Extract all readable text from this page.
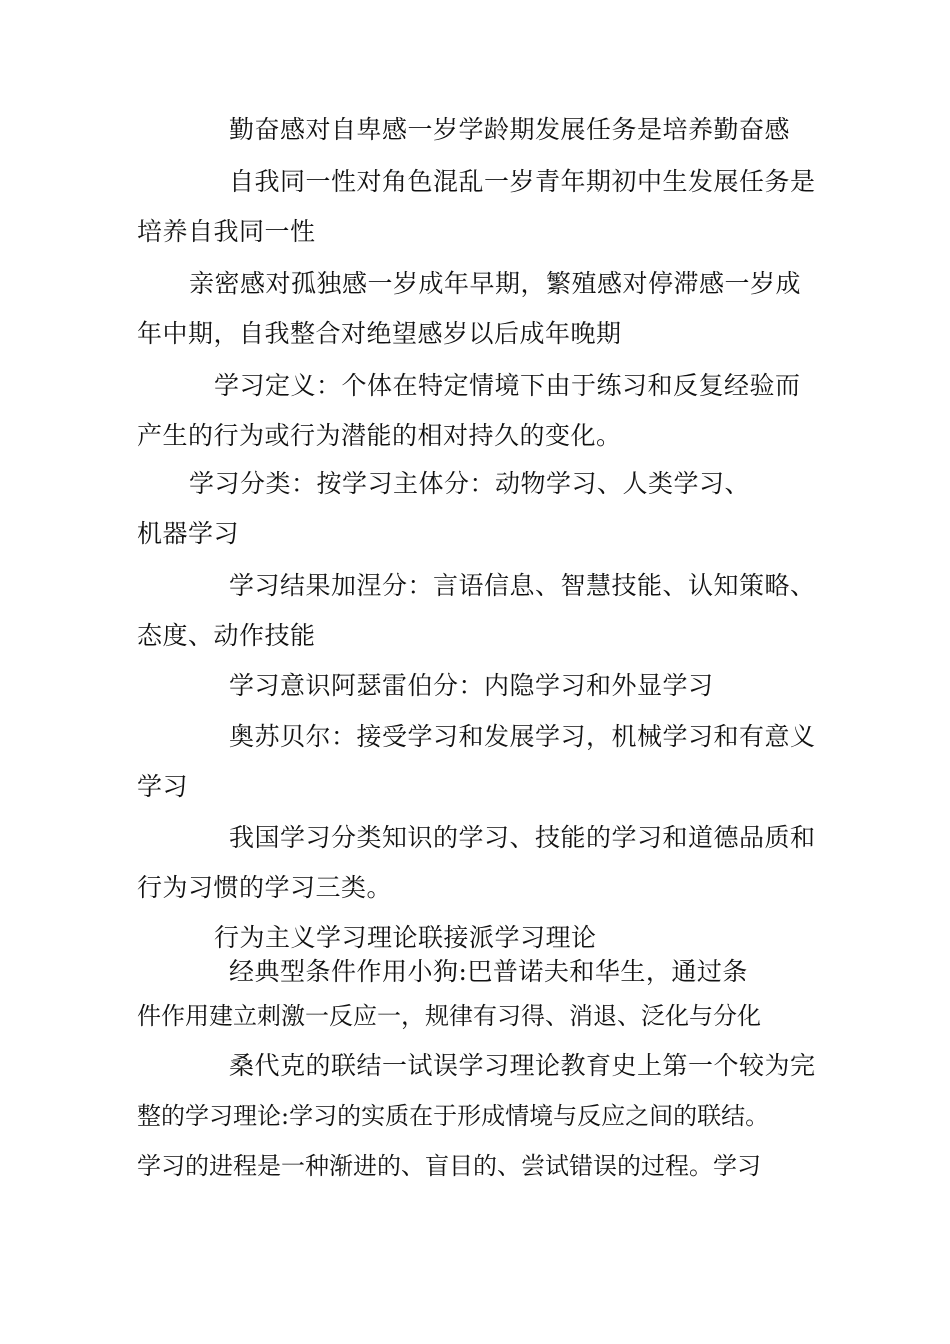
勤奋感对自卑感一岁学龄期发展任务是培养勤奋感
自我同一性对角色混乱一岁青年期初中生发展任务是
培养自我同一性
亲密感对孤独感一岁成年早期，繁殖感对停滞感一岁成
年中期，自我整合对绝望感岁以后成年晚期
学习定义：个体在特定情境下由于练习和反复经验而
产生的行为或行为潜能的相对持久的变化。
学习分类：按学习主体分：动物学习、人类学习、
机器学习
学习结果加涅分：言语信息、智慧技能、认知策略、
态度、动作技能
学习意识阿瑟雷伯分：内隐学习和外显学习
奥苏贝尔：接受学习和发展学习，机械学习和有意义
学习
我国学习分类知识的学习、技能的学习和道德品质和
行为习惯的学习三类。
行为主义学习理论联接派学习理论
经典型条件作用小狗:巴普诺夫和华生，通过条
件作用建立刺激一反应一，规律有习得、消退、泛化与分化
桑代克的联结一试误学习理论教育史上第一个较为完
整的学习理论:学习的实质在于形成情境与反应之间的联结。
学习的进程是一种渐进的、盲目的、尝试错误的过程。学习
